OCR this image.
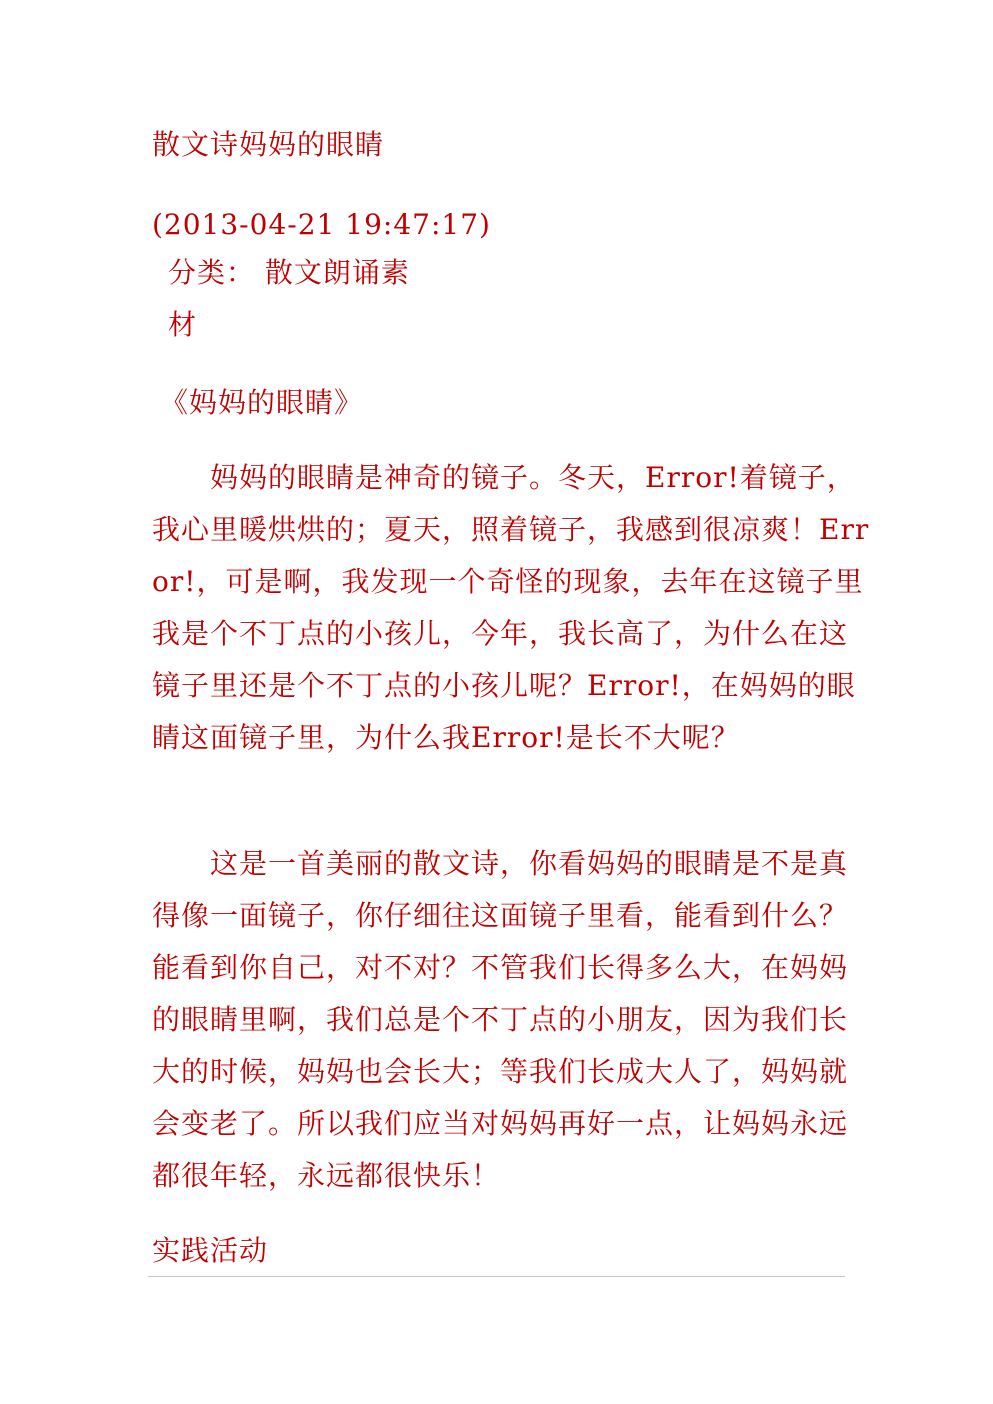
散文诗妈妈的眼睛
(2013-04-21 19:47:17)
分类： 散文朗诵素
材
《妈妈的眼睛》
妈妈的眼睛是神奇的镜子。冬天，Error!着镜子，我心里暖烘烘的；夏天，照着镜子，我感到很凉爽！Error!，可是啊，我发现一个奇怪的现象，去年在这镜子里我是个不丁点的小孩儿，今年，我长高了，为什么在这镜子里还是个不丁点的小孩儿呢？Error!，在妈妈的眼睛这面镜子里，为什么我Error!是长不大呢？
这是一首美丽的散文诗，你看妈妈的眼睛是不是真得像一面镜子，你仔细往这面镜子里看，能看到什么？能看到你自己，对不对？不管我们长得多么大，在妈妈的眼睛里啊，我们总是个不丁点的小朋友，因为我们长大的时候，妈妈也会长大；等我们长成大人了，妈妈就会变老了。所以我们应当对妈妈再好一点，让妈妈永远都很年轻，永远都很快乐！
实践活动
